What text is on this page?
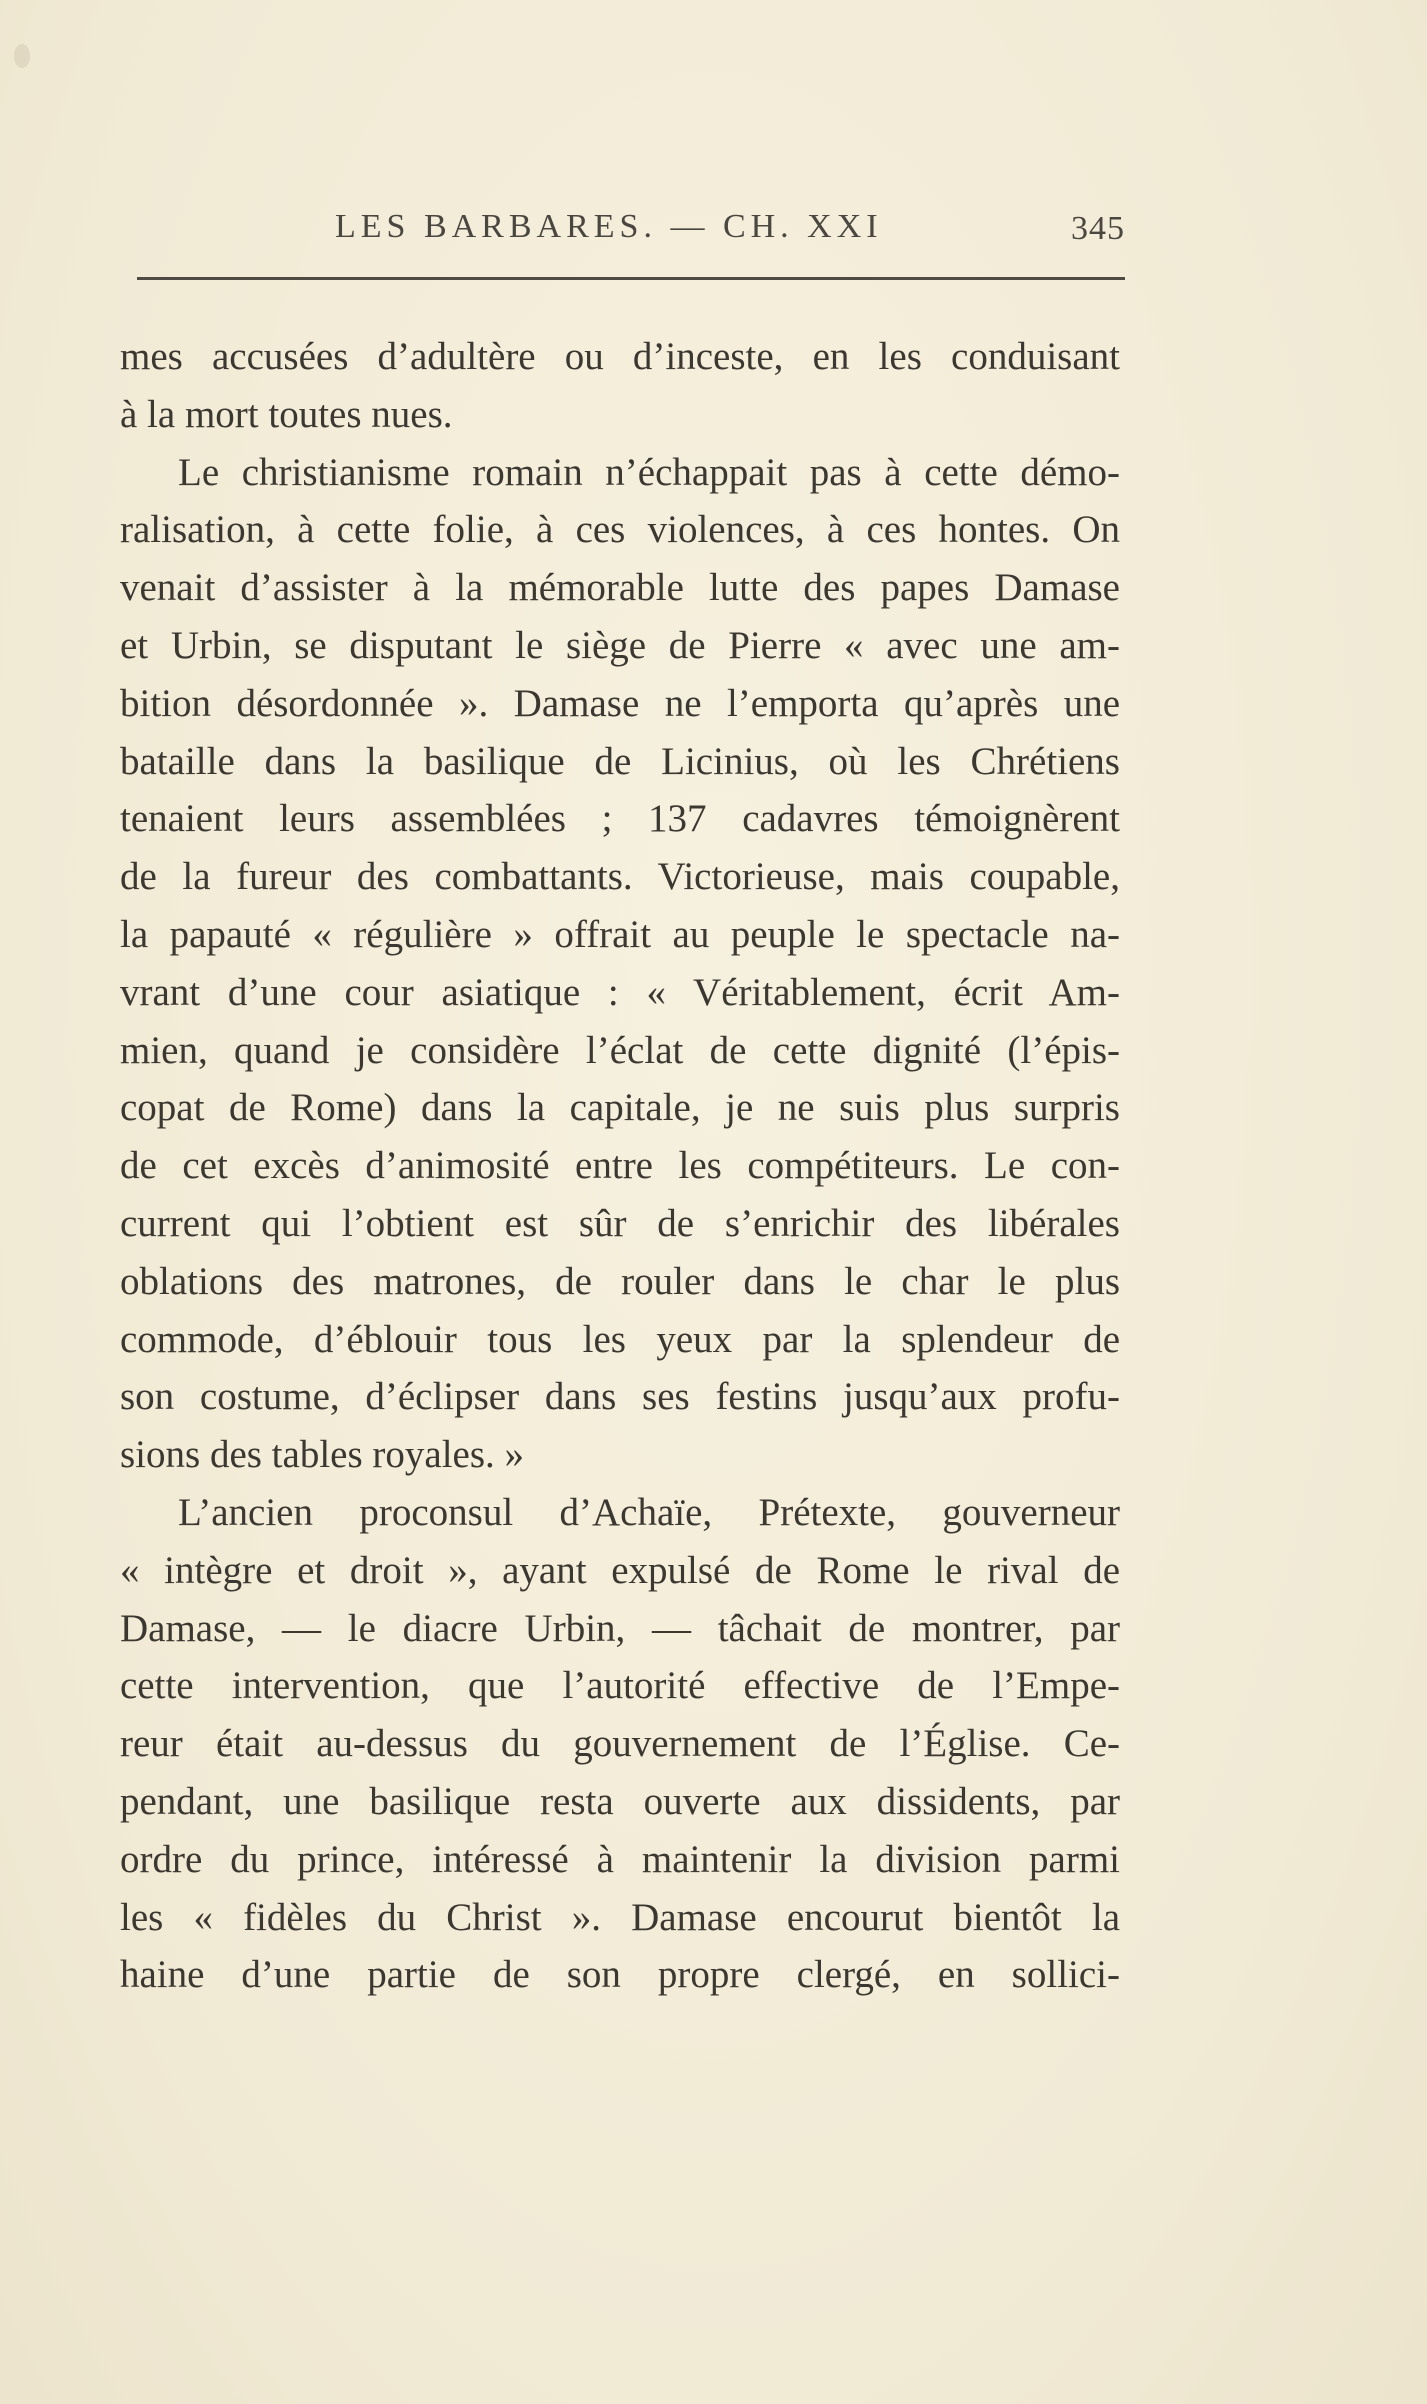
LES BARBARES. — CH. XXI	345
mes accusées d’adultère ou d’inceste, en les conduisant
à la mort toutes nues.
Le christianisme romain n’échappait pas à cette démo-
ralisation, à cette folie, à ces violences, à ces hontes. On
venait d’assister à la mémorable lutte des papes Damase
et Urbin, se disputant le siège de Pierre « avec une am-
bition désordonnée ». Damase ne l’emporta qu’après une
bataille dans la basilique de Licinius, où les Chrétiens
tenaient leurs assemblées ; 137 cadavres témoignèrent
de la fureur des combattants. Victorieuse, mais coupable,
la papauté « régulière » offrait au peuple le spectacle na-
vrant d’une cour asiatique : « Véritablement, écrit Am-
mien, quand je considère l’éclat de cette dignité (l’épis-
copat de Rome) dans la capitale, je ne suis plus surpris
de cet excès d’animosité entre les compétiteurs. Le con-
current qui l’obtient est sûr de s’enrichir des libérales
oblations des matrones, de rouler dans le char le plus
commode, d’éblouir tous les yeux par la splendeur de
son costume, d’éclipser dans ses festins jusqu’aux profu-
sions des tables royales. »
L’ancien proconsul d’Achaïe, Prétexte, gouverneur
« intègre et droit », ayant expulsé de Rome le rival de
Damase, — le diacre Urbin, — tâchait de montrer, par
cette intervention, que l’autorité effective de l’Empe-
reur était au-dessus du gouvernement de l’Église. Ce-
pendant, une basilique resta ouverte aux dissidents, par
ordre du prince, intéressé à maintenir la division parmi
les « fidèles du Christ ». Damase encourut bientôt la
haine d’une partie de son propre clergé, en sollici-
